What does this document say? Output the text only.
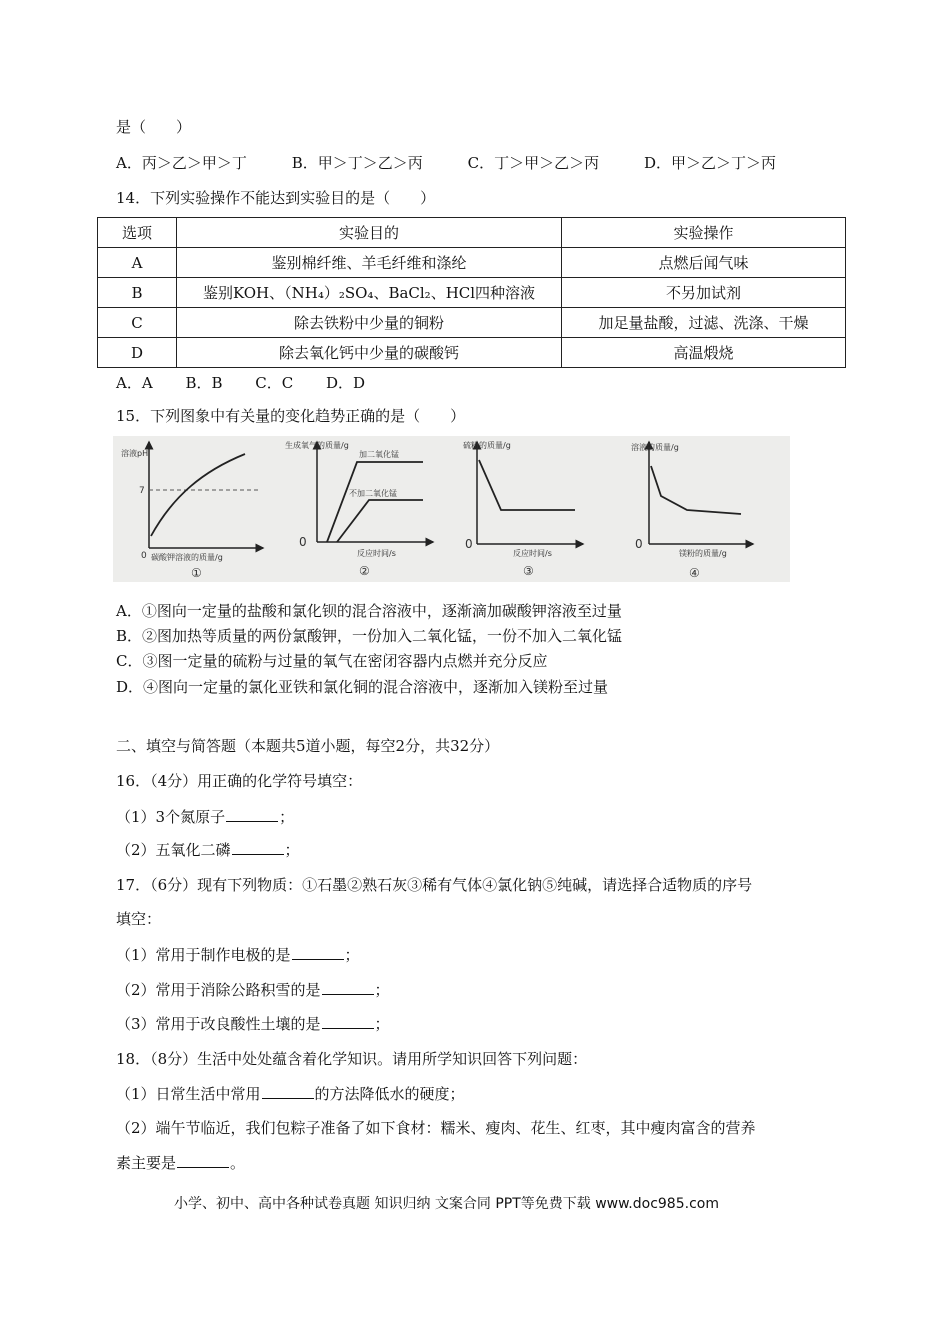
是（　　）
A．丙＞乙＞甲＞丁	B．甲＞丁＞乙＞丙	C．丁＞甲＞乙＞丙	D．甲＞乙＞丁＞丙
14．下列实验操作不能达到实验目的是（　　）
选项	实验目的	实验操作
A	鉴别棉纤维、羊毛纤维和涤纶	点燃后闻气味
B	鉴别KOH、（NH₄）₂SO₄、BaCl₂、HCl四种溶液	不另加试剂
C	除去铁粉中少量的铜粉	加足量盐酸，过滤、洗涤、干燥
D	除去氧化钙中少量的碳酸钙	高温煅烧
A．A B．B C．C D．D
15．下列图象中有关量的变化趋势正确的是（　　）
溶液pH
7
0 碳酸钾溶液的质量/g
①
生成氧气的质量/g
加二氧化锰
不加二氧化锰
0
反应时间/s
②
硫粉的质量/g
0
反应时间/s
③
溶液的质量/g
0
镁粉的质量/g
④
A．①图向一定量的盐酸和氯化钡的混合溶液中，逐渐滴加碳酸钾溶液至过量
B．②图加热等质量的两份氯酸钾，一份加入二氧化锰，一份不加入二氧化锰
C．③图一定量的硫粉与过量的氧气在密闭容器内点燃并充分反应
D．④图向一定量的氯化亚铁和氯化铜的混合溶液中，逐渐加入镁粉至过量
二、填空与简答题（本题共5道小题，每空2分，共32分）
16．（4分）用正确的化学符号填空：
（1）3个氮原子	；
（2）五氧化二磷	；
17．（6分）现有下列物质：①石墨②熟石灰③稀有气体④氯化钠⑤纯碱，请选择合适物质的序号
填空：
（1）常用于制作电极的是	；
（2）常用于消除公路积雪的是	；
（3）常用于改良酸性土壤的是	；
18．（8分）生活中处处蕴含着化学知识。请用所学知识回答下列问题：
（1）日常生活中常用	的方法降低水的硬度；
（2）端午节临近，我们包粽子准备了如下食材：糯米、瘦肉、花生、红枣，其中瘦肉富含的营养
素主要是	。
小学、初中、高中各种试卷真题 知识归纳 文案合同 PPT等免费下载 www.doc985.com
